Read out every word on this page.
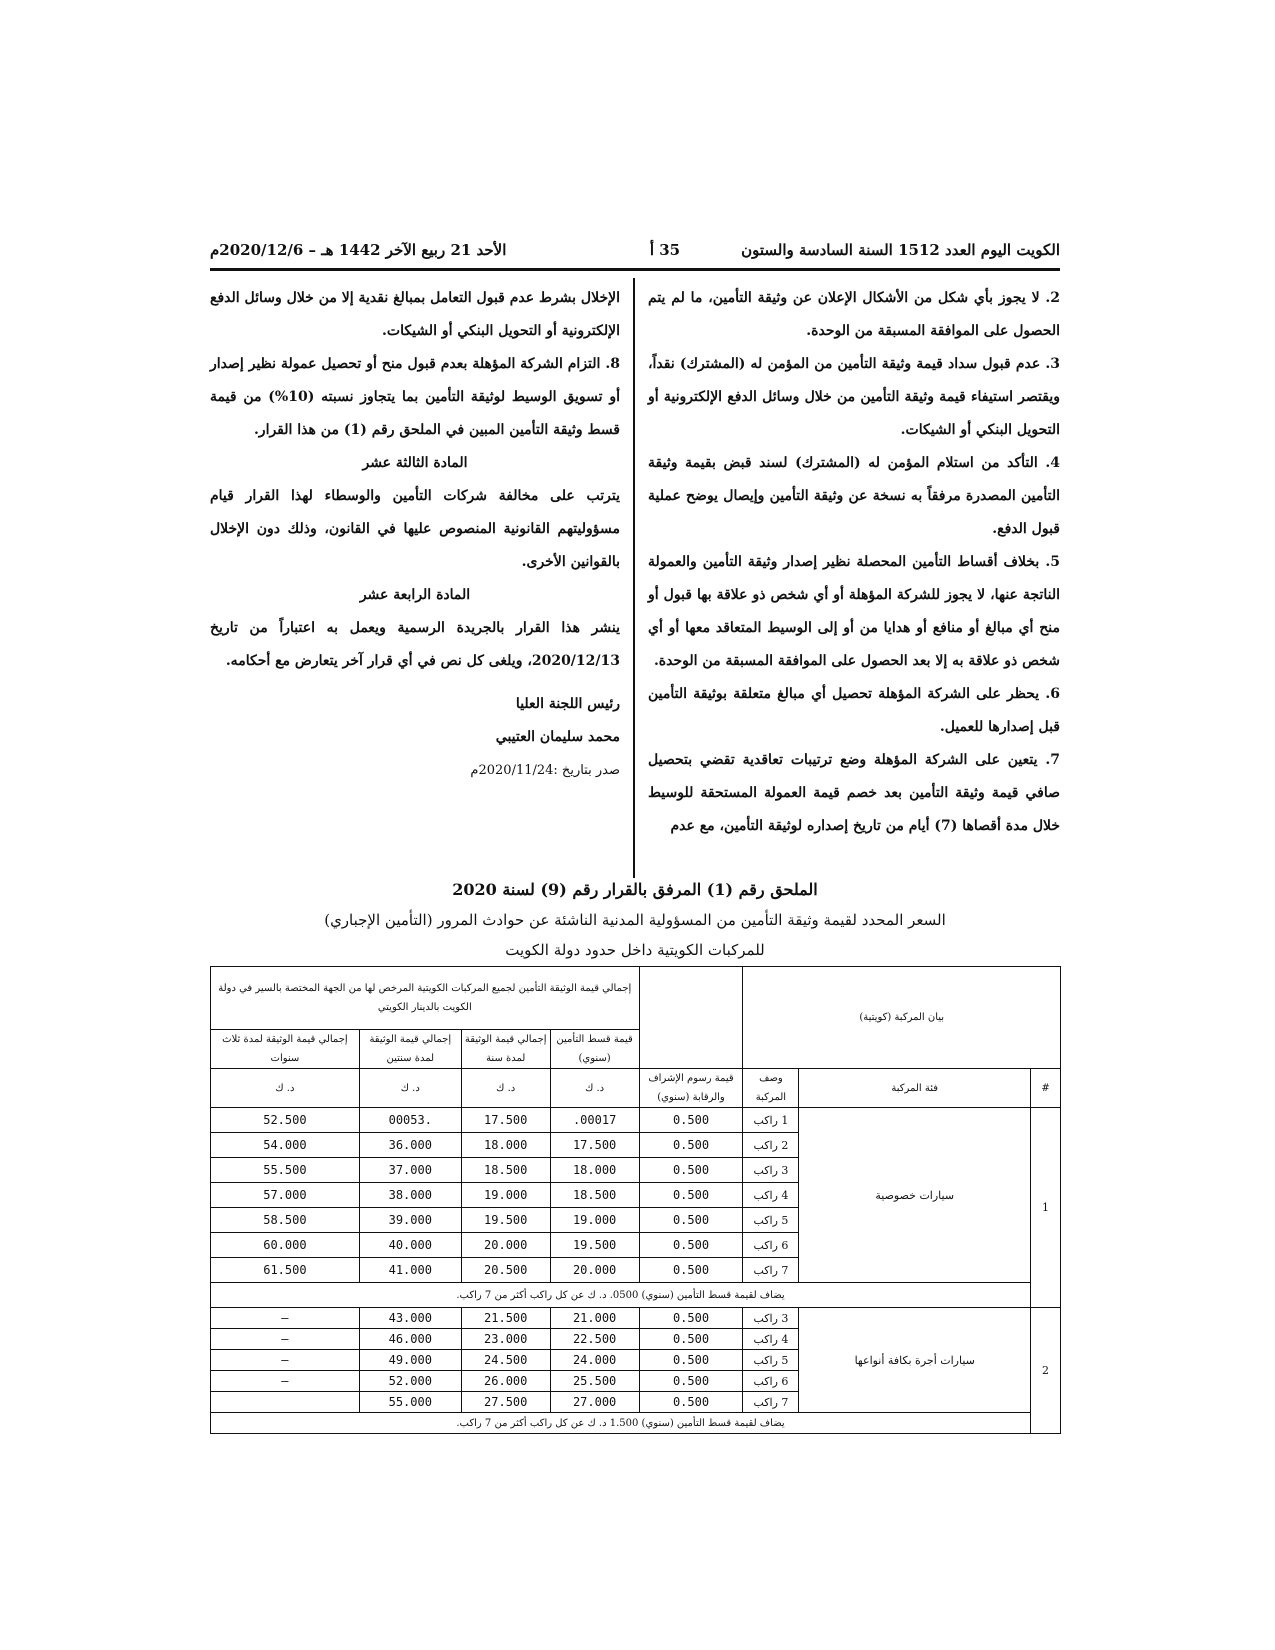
الكويت اليوم العدد 1512 السنة السادسة والستون
35 أ
الأحد 21 ربيع الآخر 1442 هـ – 2020/12/6م

2. لا يجوز بأي شكل من الأشكال الإعلان عن وثيقة التأمين، ما لم يتم الحصول على الموافقة المسبقة من الوحدة.

3. عدم قبول سداد قيمة وثيقة التأمين من المؤمن له (المشترك) نقداً، ويقتصر استيفاء قيمة وثيقة التأمين من خلال وسائل الدفع الإلكترونية أو التحويل البنكي أو الشيكات.

4. التأكد من استلام المؤمن له (المشترك) لسند قبض بقيمة وثيقة التأمين المصدرة مرفقاً به نسخة عن وثيقة التأمين وإيصال يوضح عملية قبول الدفع.

5. بخلاف أقساط التأمين المحصلة نظير إصدار وثيقة التأمين والعمولة الناتجة عنها، لا يجوز للشركة المؤهلة أو أي شخص ذو علاقة بها قبول أو منح أي مبالغ أو منافع أو هدايا من أو إلى الوسيط المتعاقد معها أو أي شخص ذو علاقة به إلا بعد الحصول على الموافقة المسبقة من الوحدة.

6. يحظر على الشركة المؤهلة تحصيل أي مبالغ متعلقة بوثيقة التأمين قبل إصدارها للعميل.

7. يتعين على الشركة المؤهلة وضع ترتيبات تعاقدية تقضي بتحصيل صافي قيمة وثيقة التأمين بعد خصم قيمة العمولة المستحقة للوسيط خلال مدة أقصاها (7) أيام من تاريخ إصداره لوثيقة التأمين، مع عدم

الإخلال بشرط عدم قبول التعامل بمبالغ نقدية إلا من خلال وسائل الدفع الإلكترونية أو التحويل البنكي أو الشيكات.

8. التزام الشركة المؤهلة بعدم قبول منح أو تحصيل عمولة نظير إصدار أو تسويق الوسيط لوثيقة التأمين بما يتجاوز نسبته (10%) من قيمة قسط وثيقة التأمين المبين في الملحق رقم (1) من هذا القرار.

المادة الثالثة عشر

يترتب على مخالفة شركات التأمين والوسطاء لهذا القرار قيام مسؤوليتهم القانونية المنصوص عليها في القانون، وذلك دون الإخلال بالقوانين الأخرى.

المادة الرابعة عشر

ينشر هذا القرار بالجريدة الرسمية ويعمل به اعتباراً من تاريخ 2020/12/13، ويلغى كل نص في أي قرار آخر يتعارض مع أحكامه.

رئيس اللجنة العليا

محمد سليمان العتيبي

صدر بتاريخ :2020/11/24م

الملحق رقم (1) المرفق بالقرار رقم (9) لسنة 2020
السعر المحدد لقيمة وثيقة التأمين من المسؤولية المدنية الناشئة عن حوادث المرور (التأمين الإجباري)
للمركبات الكويتية داخل حدود دولة الكويت
بيان المركبة (كويتية)				إجمالي قيمة الوثيقة التأمين لجميع المركبات الكويتية المرخص لها من الجهة المختصة بالسير في دولة الكويت بالدينار الكويتي			
				قيمة قسط التأمين (سنوي)	إجمالي قيمة الوثيقة لمدة سنة	إجمالي قيمة الوثيقة لمدة سنتين	إجمالي قيمة الوثيقة لمدة ثلاث سنوات
#	فئة المركبة	وصف المركبة	قيمة رسوم الإشراف والرقابة (سنوي)	د. ك	د. ك	د. ك	د. ك
1	سيارات خصوصية	1 راكب	0.500	00017.	17.500	.00053	52.500
		2 راكب	0.500	17.500	18.000	36.000	54.000
		3 راكب	0.500	18.000	18.500	37.000	55.500
		4 راكب	0.500	18.500	19.000	38.000	57.000
		5 راكب	0.500	19.000	19.500	39.000	58.500
		6 راكب	0.500	19.500	20.000	40.000	60.000
		7 راكب	0.500	20.000	20.500	41.000	61.500
	يضاف لقيمة قسط التأمين (سنوي) 0500. د. ك عن كل راكب أكثر من 7 راكب.						
2	سيارات أجرة بكافة أنواعها	3 راكب	0.500	21.000	21.500	43.000	–
		4 راكب	0.500	22.500	23.000	46.000	–
		5 راكب	0.500	24.000	24.500	49.000	–
		6 راكب	0.500	25.500	26.000	52.000	–
		7 راكب	0.500	27.000	27.500	55.000	
	يضاف لقيمة قسط التأمين (سنوي) 1.500 د. ك عن كل راكب أكثر من 7 راكب.						
